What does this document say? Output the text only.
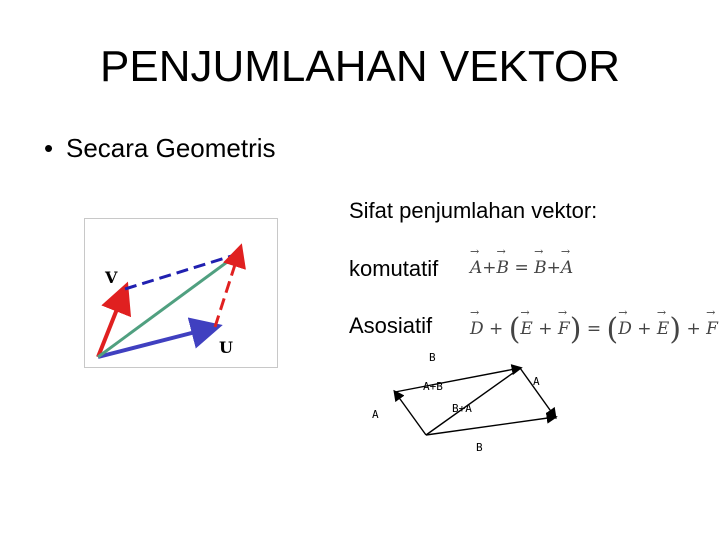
PENJUMLAHAN VEKTOR
• Secara Geometris
Sifat penjumlahan vektor:
komutatif
Asosiatif
→ A+→ B = → B+→ A
→ D + (→ E + → F) = (→ D + → E) + → F
V
U
B
A
A+B
B+A
A
B
